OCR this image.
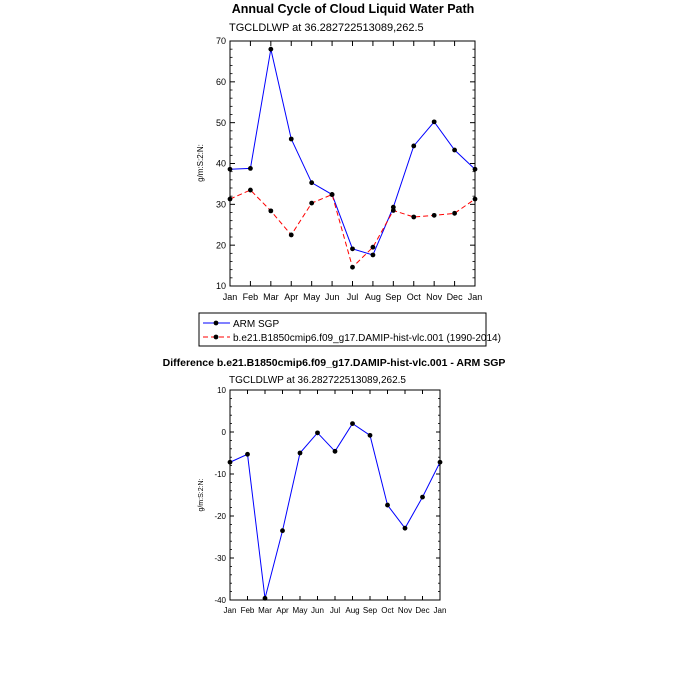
Annual Cycle of Cloud Liquid Water Path
TGCLDLWP at 36.282722513089,262.5
g/m:S:2:N:
10
20
30
40
50
60
70
Jan Feb Mar Apr May Jun Jul Aug Sep Oct Nov Dec Jan
ARM SGP
b.e21.B1850cmip6.f09_g17.DAMIP-hist-vlc.001 (1990-2014)
Difference b.e21.B1850cmip6.f09_g17.DAMIP-hist-vlc.001 - ARM SGP
TGCLDLWP at 36.282722513089,262.5
g/m:S:2:N:
-40
-30
-20
-10
0
10
Jan Feb Mar Apr May Jun Jul Aug Sep Oct Nov Dec Jan
